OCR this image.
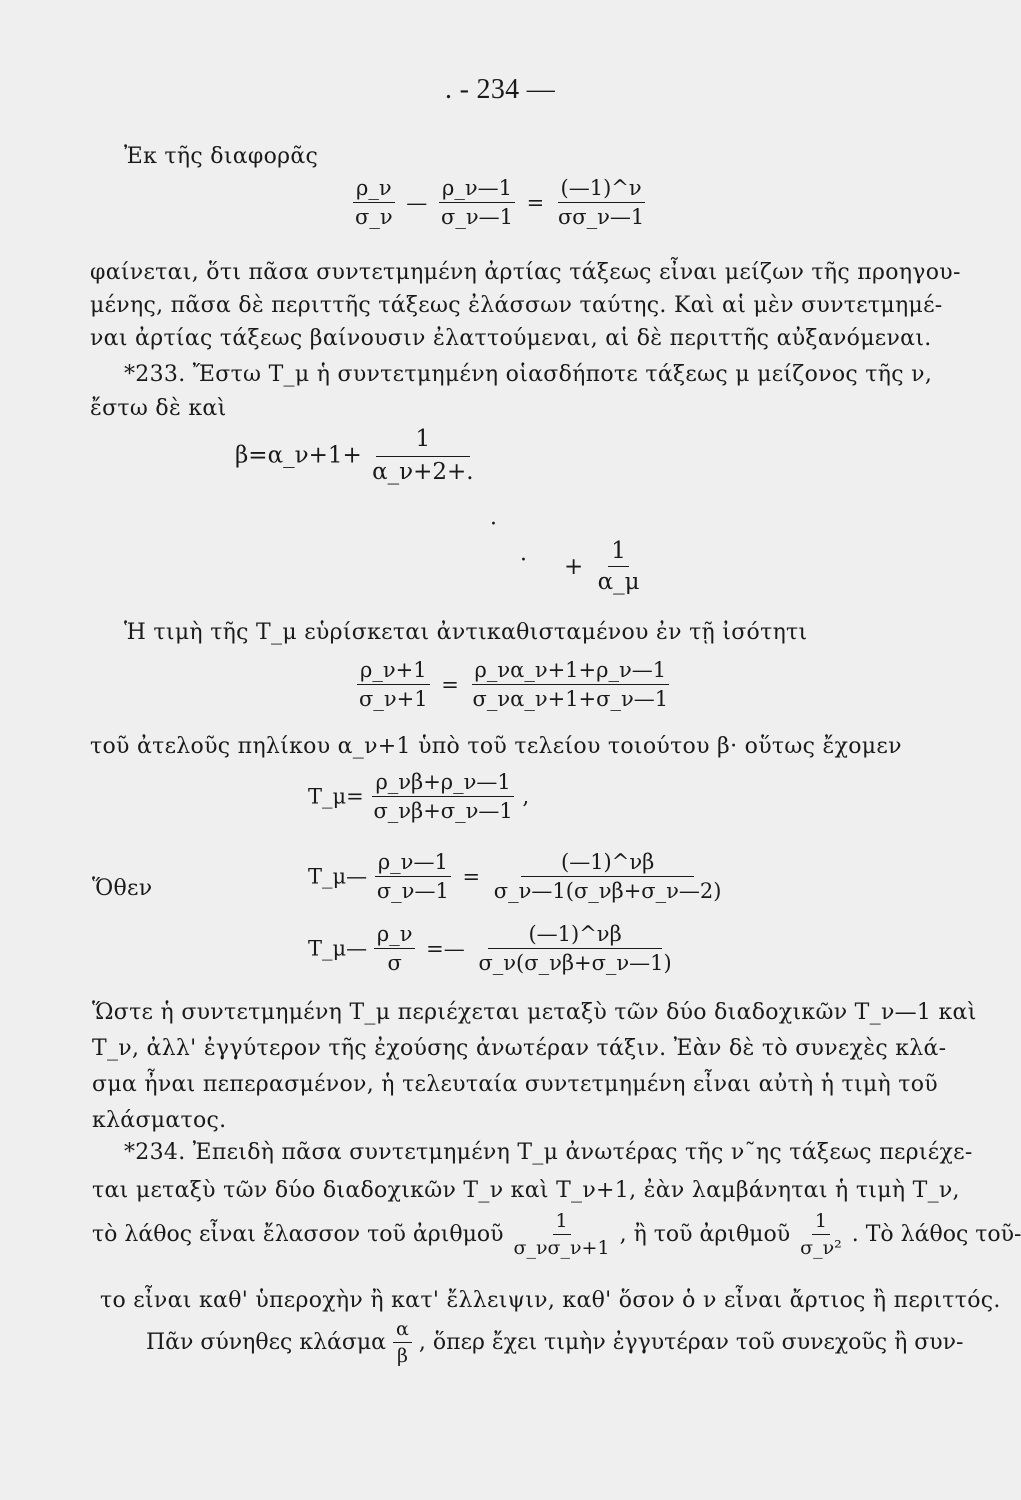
. - 234 —
Ἐκ τῆς διαφορᾶς
$\frac{\rho\_\nu}{\sigma\_\nu}$ — $\frac{\rho\_\nu—1}{\sigma\_\nu—1} = \frac{(—1)\^{}\nu}{\sigma\sigma\_\nu—1}$
φαίνεται, ὅτι πᾶσα συντετμημένη ἀρτίας τάξεως εἶναι μείζων τῆς προηγου-
μένης, πᾶσα δὲ περιττῆς τάξεως ἐλάσσων ταύτης. Καὶ αἱ μὲν συντετμημέ-
ναι ἀρτίας τάξεως βαίνουσιν ἐλαττούμεναι, αἱ δὲ περιττῆς αὐξανόμεναι.
*233. Ἔστω T_μ ἡ συντετμημένη οἱασδήποτε τάξεως μ μείζονος τῆς ν,
ἔστω δὲ καὶ
β=α_ν+1+ $\frac{1}{\alpha\_\nu+2+.}$
·
· + $\frac{1}{\alpha\_\mu}$
Ἡ τιμὴ τῆς T_μ εὑρίσκεται ἀντικαθισταμένου ἐν τῇ ἰσότητι
$\frac{\rho\_\nu+1}{\sigma\_\nu+1} = \frac{\rho\_\nu\alpha\_\nu+1+\rho\_\nu—1}{\sigma\_\nu\alpha\_\nu+1+\sigma\_\nu—1}$
τοῦ ἀτελοῦς πηλίκου α_ν+1 ὑπὸ τοῦ τελείου τοιούτου β· οὕτως ἔχομεν
T_μ= $\frac{\rho\_\nu\beta+\rho\_\nu—1}{\sigma\_\nu\beta+\sigma\_\nu—1}$ ,
Ὅθεν	T_μ— $\frac{\rho\_\nu—1}{\sigma\_\nu—1} = \frac{(—1)\^{}\nu\beta}{\sigma\_\nu—1(\sigma\_\nu\beta+\sigma\_\nu—2)}$
T_μ— $\frac{\rho\_\nu}{\sigma}$ =— $\frac{(—1)\^{}\nu\beta}{\sigma\_\nu(\sigma\_\nu\beta+\sigma\_\nu—1)}$
Ὥστε ἡ συντετμημένη T_μ περιέχεται μεταξὺ τῶν δύο διαδοχικῶν T_ν—1 καὶ
T_ν, ἀλλ' ἐγγύτερον τῆς ἐχούσης ἀνωτέραν τάξιν. Ἐὰν δὲ τὸ συνεχὲς κλά-
σμα ἦναι πεπερασμένον, ἡ τελευταία συντετμημένη εἶναι αὐτὴ ἡ τιμὴ τοῦ
κλάσματος.
*234. Ἐπειδὴ πᾶσα συντετμημένη T_μ ἀνωτέρας τῆς ν῀ης τάξεως περιέχε-
ται μεταξὺ τῶν δύο διαδοχικῶν T_ν καὶ T_ν+1, ἐὰν λαμβάνηται ἡ τιμὴ T_ν,
τὸ λάθος εἶναι ἔλασσον τοῦ ἀριθμοῦ $\frac{1}{\sigma\_\nu\sigma\_\nu+1}$ , ἢ τοῦ ἀριθμοῦ $\frac{1}{\text{σ\_ν²}}$ . Τὸ λάθος τοῦ-
το εἶναι καθ' ὑπεροχὴν ἢ κατ' ἔλλειψιν, καθ' ὅσον ὁ ν εἶναι ἄρτιος ἢ περιττός.
Πᾶν σύνηθες κλάσμα $\frac{\alpha}{\beta}$ , ὅπερ ἔχει τιμὴν ἐγγυτέραν τοῦ συνεχοῦς ἢ συν-
